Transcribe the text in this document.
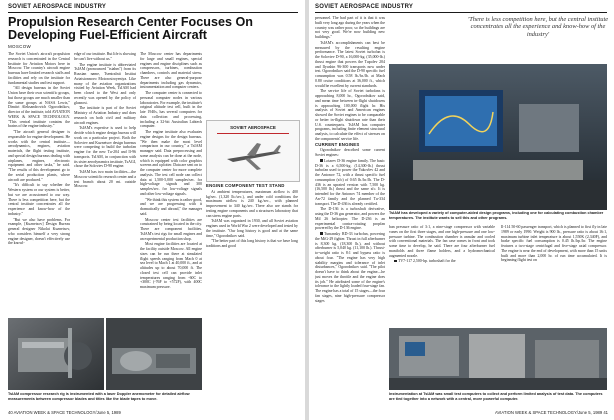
SOVIET AEROSPACE INDUSTRY
Propulsion Research Center Focuses On Developing Fuel-Efficient Aircraft
MOSCOW

The Soviet Union's aircraft propulsion research is concentrated in the Central Institute for Aviation Motors here in Moscow. The country's aircraft engine bureaus have limited research staffs and facilities and rely on the institute for fundamental studies and test support.

"All design bureaus in the Soviet Union have their own scientific groups, but those groups are much smaller than the same groups at NASA Lewis," Dimitri Aleksandrovich Ogorodnikov, director of the institute, told AVIATION WEEK & SPACE TECHNOLOGY. "This central institute contains the brains of the engine industry."

"The aircraft general designer is responsible for engine development. He works with the central institute—aerodynamics, engines, aviation materials, the flight testing institute, and special design bureaus dealing with airplanes, engines, electronic equipment and other tasks," he said. "The results of this development go to the serial production plants, where aircraft are produced."

"It's difficult to say whether the Western system or our system is better, but we are accustomed to our way. There is less competition here, but the central institute concentrates all the experience and know-how of the industry."

"But we also have problems. For example, [Kuznetsov] Design Bureau general designer Nikolai Kuznetsov, who considers himself a very strong engine designer, doesn't effectively use the knowl-

edge of our institute. But life is showing he can't live without us."

The engine institute is abbreviated TsIAM (pronounced "tsiahm") from its Russian name, Tsentralnii Institut Aviatsionnovo Motorostroyeniya. Like many of the aviation organizations visited by Aviation Week, TsIAM had been closed to the West and only recently was opened by the policy of glasnost.

The institute is part of the Soviet Ministry of Aviation Industry and does research on both civil and military aircraft engines.

TsIAM's expertise is used to help decide which engine design bureau will work on a particular project. Both the Soloviev and Kuznetsov design bureaus were competing to build the turbofan engine for the new Tu-204 and Il-96 transports. TsIAM, in conjunction with its sister aerodynamics institute, TsAGI, chose the Soloviev D-90 engine.

TsIAM has two main facilities—the Moscow scientific research center and a test branch about 20 mi. outside Moscow.

The Moscow center has departments for large and small engines, special engines and engine disciplines such as compressors, turbines, combustion chambers, controls and material stress. There are also general-purpose departments including gas dynamics, instrumentation and computer centers.

The computer center is connected to personal computer nodes in various laboratories. For example, the institute's original altitude test cell, built in the late 1940s, has several computers for data collection and processing, including a 32-bit Australian Labtech computer.

The engine institute also evaluates engine designs for the design bureaus. "We then make the most level comparison in our country," a TsIAM manager said. Data preprocessing and some analysis can be done at the node, which is equipped with color graphics screens and a plotter. Data are sent on to the computer center for more complete analysis. The test cell node can collect data at 1,500-5,000 samples/sec. for high-voltage signals and 300 samples/sec. for low-voltage signals and other low-voltage signals.

"We think this system is rather good, and we are progressing with it dramatically and abroad," the manager said.

Moscow center test facilities are constrained by being located in the city. There are component facilities. TsIAM's test rigs for small engines and an experimental production shop.

Most engine facilities are located at the facility outside Moscow. All engine sizes can be run there at simulated flight speeds ranging from Mach 0 at sea level to Mach 1 at 40,000 ft., and at altitudes up to about 70,000 ft. The closed test cell can provide inlet temperatures ranging from -60C to +300C (-76F to +572F), with 400C maximum pressure.

SOVIET AEROSPACE

ENGINE COMPONENT TEST STAND

At ambient temperatures, maximum airflow is 400 kg/sec. (1,320 lb./sec.), and under cold conditions the maximum airflow is 240 kg./sec., with planned improvement to 340 kg./sec. There also are stands for testing engine components and a structures laboratory that can stress engine parts.

TsIAM was organized in 1930, and all Soviet aviation engines used in World War 2 were developed and tested by the institute. "Our long history is good and at the same time," Ogorodnikov said.

"The better part of this long history is that we have long traditions and good

TsIAM compressor research rig is instrumented with a laser Doppler anemometer for detailed airflow measurements between compressor blades and titles like the blade tapes to move.
40 AVIATION WEEK & SPACE TECHNOLOGY/June 5, 1989
SOVIET AEROSPACE INDUSTRY

personnel. The bad part of it is that it was built very long ago during the years when the country was rather poor, so the buildings are not very good. We're now building new buildings."

TsIAM's accomplishments can best be measured by the resulting engine performance. The latest Soviet turbofan is the Soloviev D-90, a 16,000-kg. (35,000-lb.) thrust engine that powers the Tupolev 204 and Ilyushin 96-300 transports now under test. Ogorodnikov said the D-90 specific fuel consumption was 0.58 lb./hr./lb. at Mach 0.80 cruise conditions at 36,000 ft., which would be excellent by current standards.

The service life of Soviet turbofans is approaching 8,000 hr., Ogorodnikov said, and mean time between in-flight shutdowns is approaching 100,000 flight hr. His analysis of Soviet and American engines showed the Soviet engines to be comparable or better in-flight shutdown rate than their U.S. counterparts. TsIAM has computer programs, including finite element structural analysis, to calculate the effect of stresses on the components' service life.

CURRENT ENGINES

Ogorodnikov described some current Soviet engines:

Lotarev D-36 engine family. The basic D-36 is a 6,500-kg. (14,300-lb.) thrust turbofan used to power the Yakovlev 42 and the Antonov 72, with a thrust specific fuel consumption (sfc) of 0.65 lb./hr./lb. The D-436 is an uprated version with 7,500 kg. (16,500 lb.) thrust and the same sfc. It is intended for the Antonov 74 member of the An-72 family and the planned Tu-334 transport. The D-436 is already certified.

The D-136 is a turboshaft derivative, using the D-36 gas generator, and powers the Mil 26 helicopter. The D-236 is an experimental contra-rotating propfan powered by the D-136 engine.

Tumansky RD-33 turbofan, powering the MiG-29 fighter. Thrust in full afterburner is 8,300 kg. (18,300 lb.), and without afterburner is 5,040 kg. (11,100 lb.). Thrust-to-weight ratio is 8:1 and bypass ratio is about four. "The engine has very high stability margins and tolerance of inlet disturbances," Ogorodnikov said. "The pilot doesn't have to think about the engine—he just moves the throttle and the engine does its job." He attributed some of the engine's tolerance to the lightly loaded four-stage fan. The engine has a total of 15 stages—the four fan stages, nine high-pressure compressor stages

'There is less competition here, but the central institute concentrates all the experience and know-how of the industry'
TsIAM has developed a variety of computer-aided design programs, including one for calculating combustion chamber temperatures. The institute wants to sell this and other programs.

ban pressure ratio of 3:1, a nine-stage compressor with variable vanes on the first three stages, and one high-pressure and one low-pressure turbine. The combustion chamber is annular and cooled with conventional materials. The fan case comes in front and took some time to develop, he said. There are four afterburner fuel manifolds and three flame holders, and a hydromechanical augmented nozzle.

TV7-117 2,500-hp. turboshaft for the

Il-114 50-60 passenger transport, which is planned to first fly in late 1989 or early 1990. Weight is 900 lb., pressure ratio is about 16:1, maximum turbine inlet temperature is about 1,550K (2,340F), and brake specific fuel consumption is 0.45 lb./hp./hr. The engine features a two-stage centrifugal and five-stage axial compressor. The engine is near the end of development, with more than 15 units built and more than 2,000 hr. of run time accumulated. It is beginning flight test on

Instrumentation at TsIAM was small test computers to collect and perform limited analysis of test data. The computers are tied together into a network with a central, more powerful computer.
AVIATION WEEK & SPACE TECHNOLOGY/June 5, 1989 41
